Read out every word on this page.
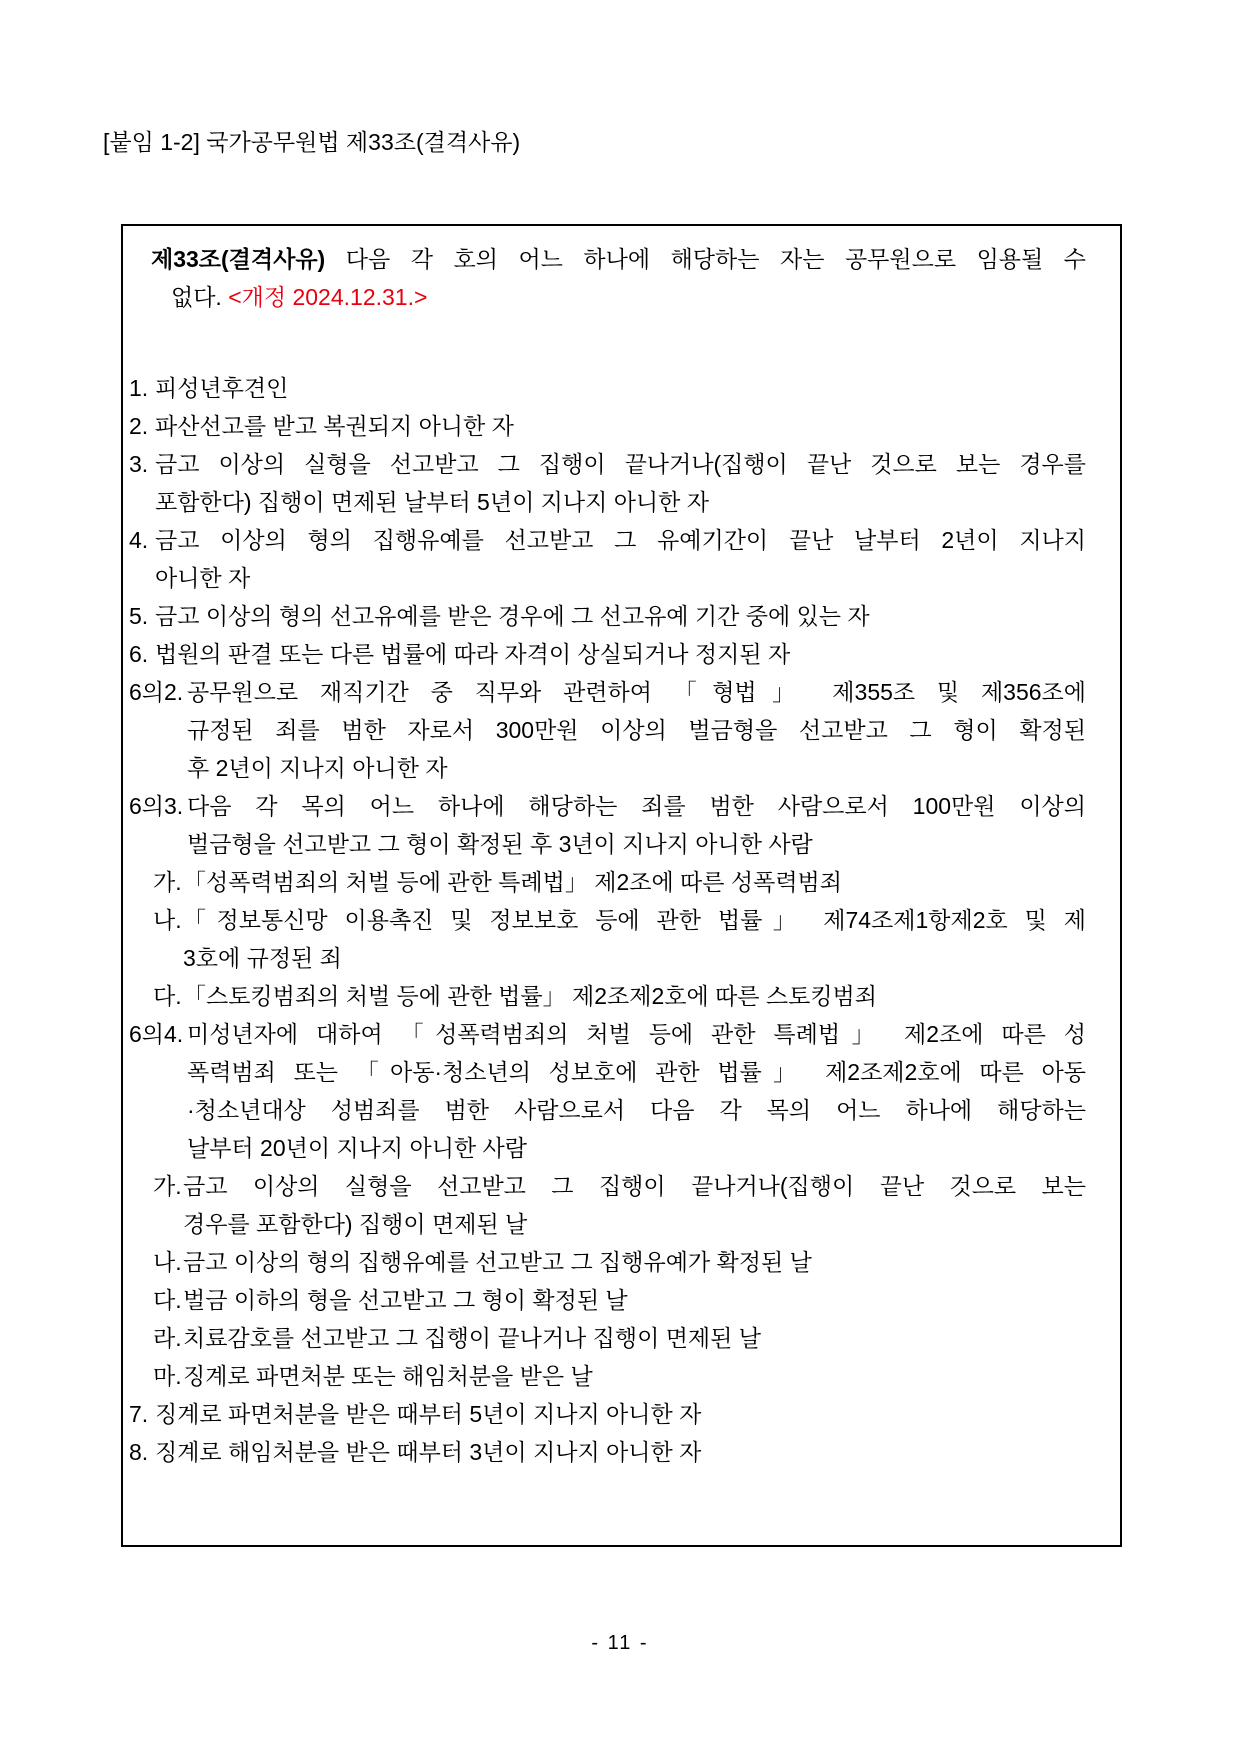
[붙임 1-2] 국가공무원법 제33조(결격사유)
제33조(결격사유) 다음 각 호의 어느 하나에 해당하는 자는 공무원으로 임용될 수
없다. <개정 2024.12.31.>
1. 피성년후견인
2. 파산선고를 받고 복권되지 아니한 자
3. 금고 이상의 실형을 선고받고 그 집행이 끝나거나(집행이 끝난 것으로 보는 경우를
포함한다) 집행이 면제된 날부터 5년이 지나지 아니한 자
4. 금고 이상의 형의 집행유예를 선고받고 그 유예기간이 끝난 날부터 2년이 지나지
아니한 자
5. 금고 이상의 형의 선고유예를 받은 경우에 그 선고유예 기간 중에 있는 자
6. 법원의 판결 또는 다른 법률에 따라 자격이 상실되거나 정지된 자
6의2. 공무원으로 재직기간 중 직무와 관련하여 「형법」 제355조 및 제356조에
규정된 죄를 범한 자로서 300만원 이상의 벌금형을 선고받고 그 형이 확정된
후 2년이 지나지 아니한 자
6의3. 다음 각 목의 어느 하나에 해당하는 죄를 범한 사람으로서 100만원 이상의
벌금형을 선고받고 그 형이 확정된 후 3년이 지나지 아니한 사람
가. 「성폭력범죄의 처벌 등에 관한 특례법」 제2조에 따른 성폭력범죄
나. 「정보통신망 이용촉진 및 정보보호 등에 관한 법률」 제74조제1항제2호 및 제
3호에 규정된 죄
다. 「스토킹범죄의 처벌 등에 관한 법률」 제2조제2호에 따른 스토킹범죄
6의4. 미성년자에 대하여 「성폭력범죄의 처벌 등에 관한 특례법」 제2조에 따른 성
폭력범죄 또는 「아동·청소년의 성보호에 관한 법률」 제2조제2호에 따른 아동
·청소년대상 성범죄를 범한 사람으로서 다음 각 목의 어느 하나에 해당하는
날부터 20년이 지나지 아니한 사람
가. 금고 이상의 실형을 선고받고 그 집행이 끝나거나(집행이 끝난 것으로 보는
경우를 포함한다) 집행이 면제된 날
나. 금고 이상의 형의 집행유예를 선고받고 그 집행유예가 확정된 날
다. 벌금 이하의 형을 선고받고 그 형이 확정된 날
라. 치료감호를 선고받고 그 집행이 끝나거나 집행이 면제된 날
마. 징계로 파면처분 또는 해임처분을 받은 날
7. 징계로 파면처분을 받은 때부터 5년이 지나지 아니한 자
8. 징계로 해임처분을 받은 때부터 3년이 지나지 아니한 자
- 11 -
